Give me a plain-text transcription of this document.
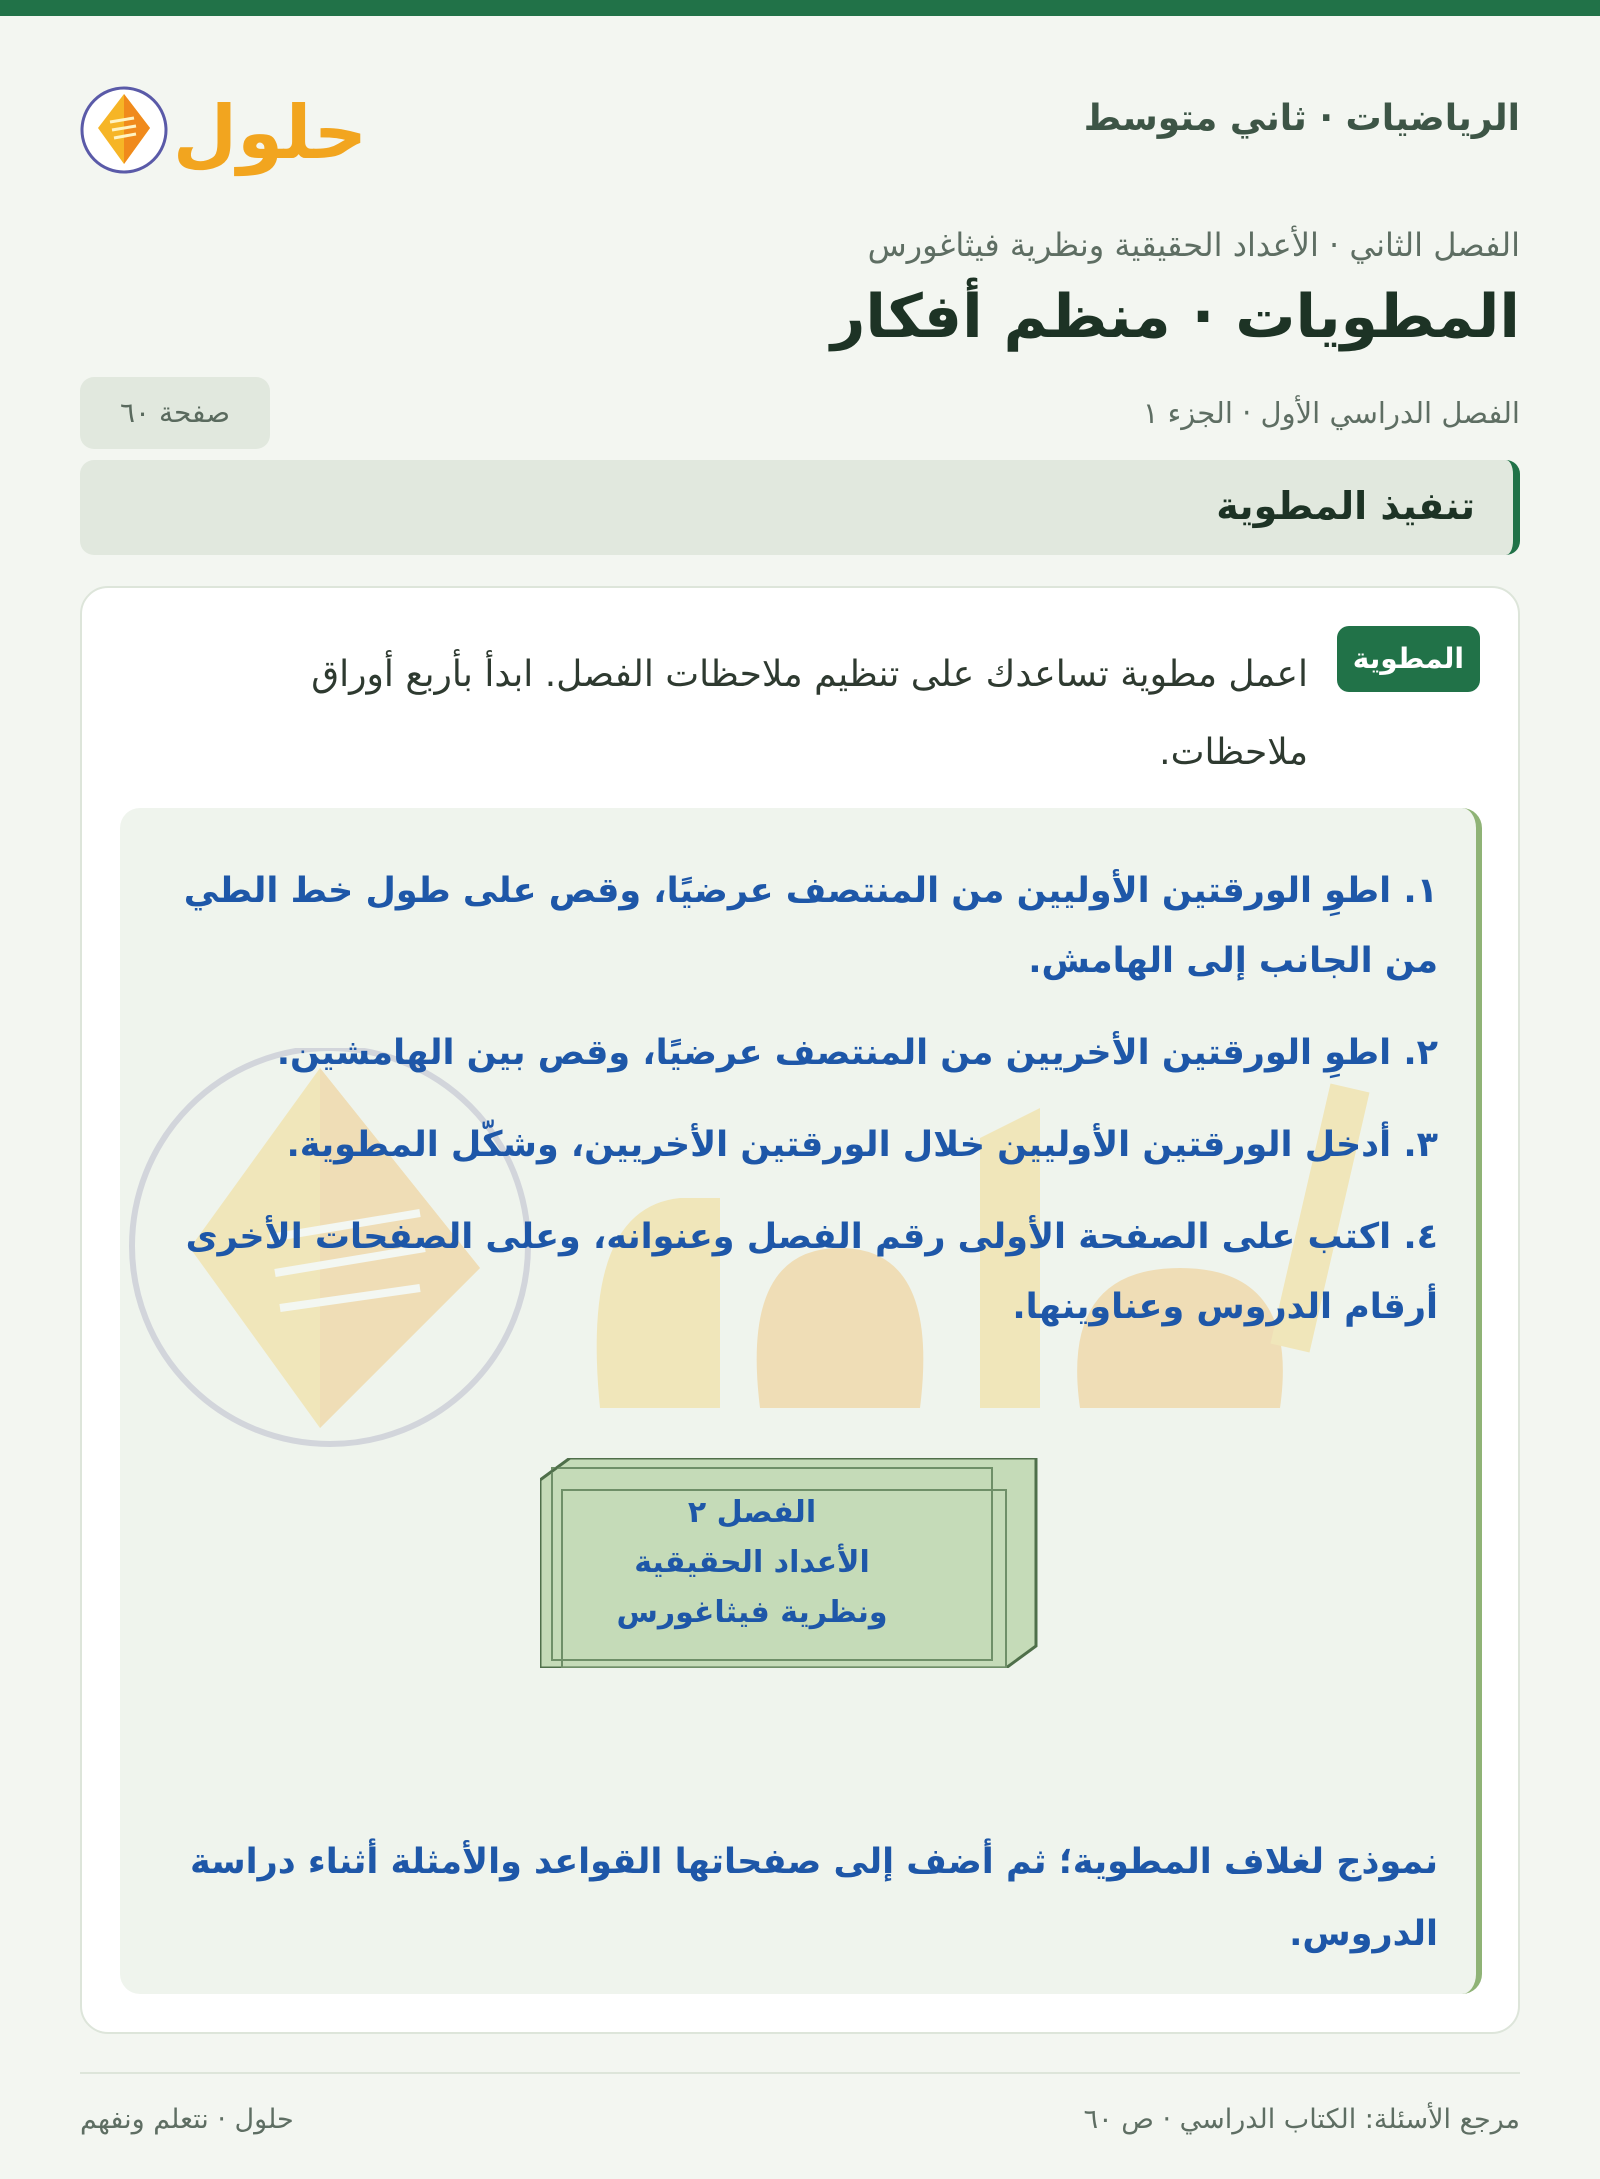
الرياضيات · ثاني متوسط
حلول
الفصل الثاني · الأعداد الحقيقية ونظرية فيثاغورس
المطويات · منظم أفكار
الفصل الدراسي الأول · الجزء ١
صفحة ٦٠
تنفيذ المطوية
المطوية
اعمل مطوية تساعدك على تنظيم ملاحظات الفصل. ابدأ بأربع أوراق ملاحظات.
١. اطوِ الورقتين الأوليين من المنتصف عرضيًا، وقص على طول خط الطي من الجانب إلى الهامش.
٢. اطوِ الورقتين الأخريين من المنتصف عرضيًا، وقص بين الهامشين.
٣. أدخل الورقتين الأوليين خلال الورقتين الأخريين، وشكّل المطوية.
٤. اكتب على الصفحة الأولى رقم الفصل وعنوانه، وعلى الصفحات الأخرى أرقام الدروس وعناوينها.
الفصل ٢
الأعداد الحقيقية
ونظرية فيثاغورس
نموذج لغلاف المطوية؛ ثم أضف إلى صفحاتها القواعد والأمثلة أثناء دراسة الدروس.
مرجع الأسئلة: الكتاب الدراسي · ص ٦٠
حلول · نتعلم ونفهم
